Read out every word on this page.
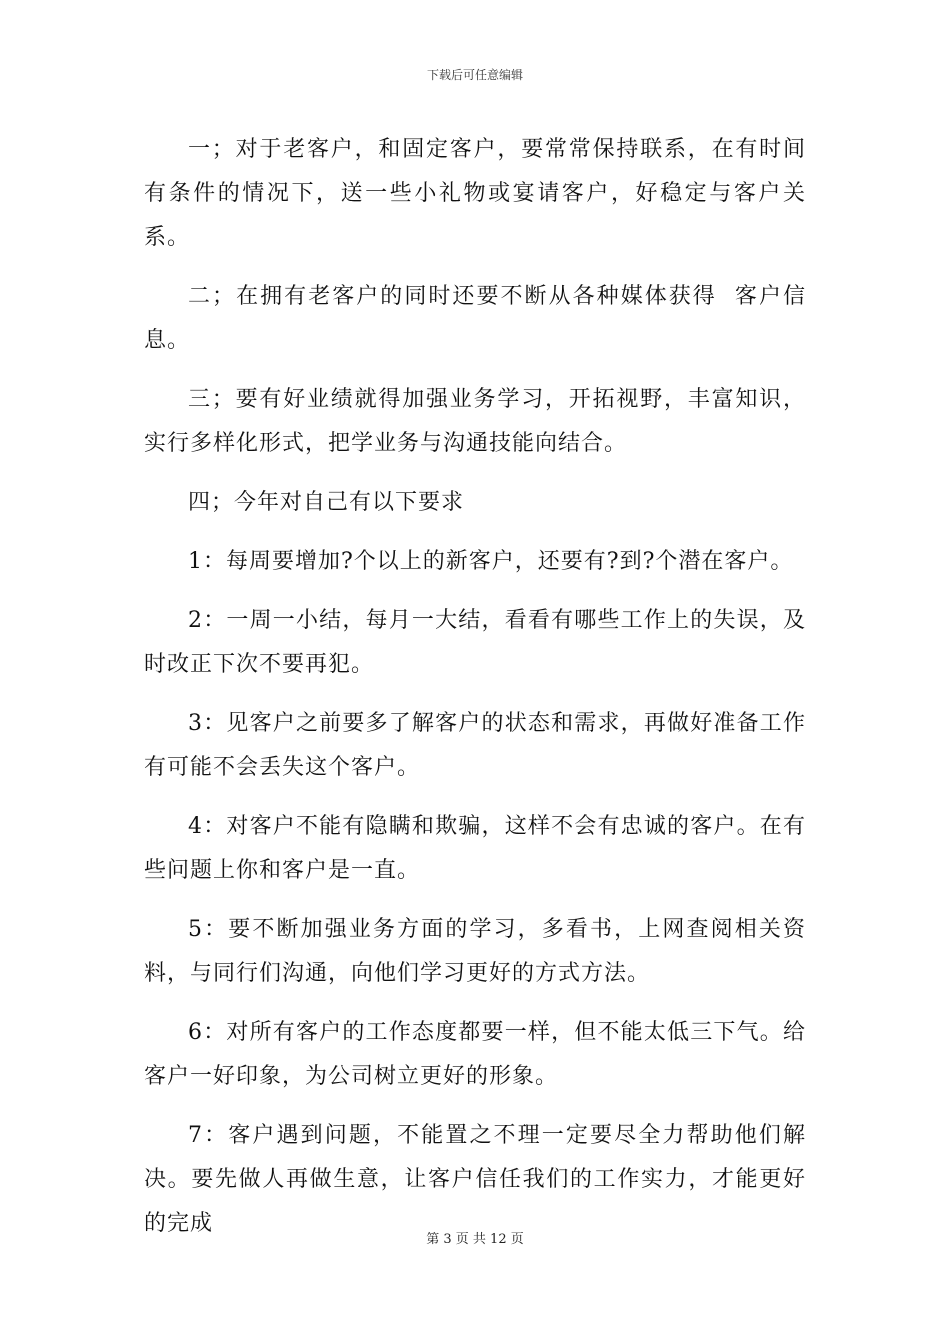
下载后可任意编辑

一；对于老客户，和固定客户，要常常保持联系，在有时间有条件的情况下，送一些小礼物或宴请客户，好稳定与客户关系。

二；在拥有老客户的同时还要不断从各种媒体获得  客户信息。

三；要有好业绩就得加强业务学习，开拓视野，丰富知识，实行多样化形式，把学业务与沟通技能向结合。

四；今年对自己有以下要求

1：每周要增加?个以上的新客户，还要有?到?个潜在客户。

2：一周一小结，每月一大结，看看有哪些工作上的失误，及时改正下次不要再犯。

3：见客户之前要多了解客户的状态和需求，再做好准备工作有可能不会丢失这个客户。

4：对客户不能有隐瞒和欺骗，这样不会有忠诚的客户。在有些问题上你和客户是一直。

5：要不断加强业务方面的学习，多看书，上网查阅相关资料，与同行们沟通，向他们学习更好的方式方法。

6：对所有客户的工作态度都要一样，但不能太低三下气。给客户一好印象，为公司树立更好的形象。

7：客户遇到问题，不能置之不理一定要尽全力帮助他们解决。要先做人再做生意，让客户信任我们的工作实力，才能更好的完成

第 3 页 共 12 页
